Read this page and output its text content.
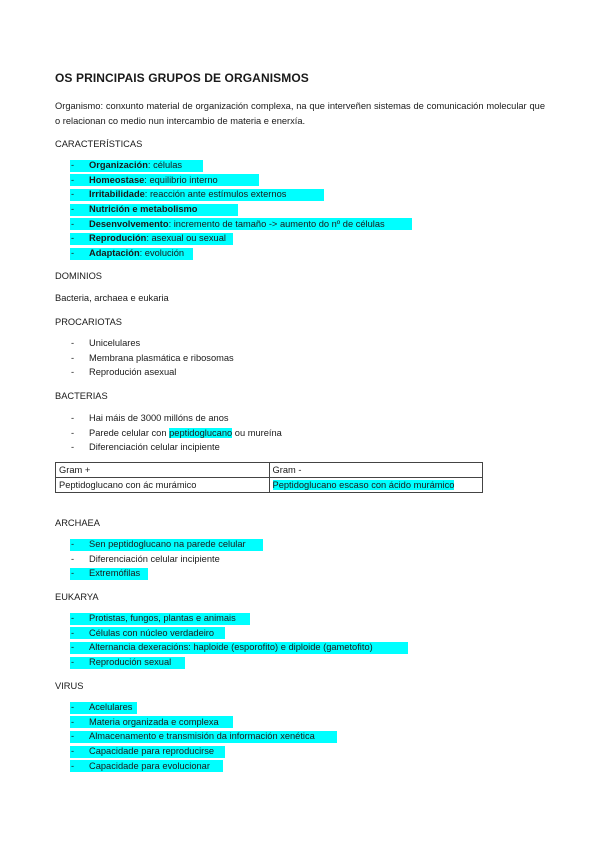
OS PRINCIPAIS GRUPOS DE ORGANISMOS

Organismo: conxunto material de organización complexa, na que interveñen sistemas de comunicación molecular que o relacionan co medio nun intercambio de materia e enerxía.

CARACTERÍSTICAS

- Organización: células
- Homeostase: equilibrio interno
- Irritabilidade: reacción ante estímulos externos
- Nutrición e metabolismo
- Desenvolvemento: incremento de tamaño -> aumento do nº de células
- Reprodución: asexual ou sexual
- Adaptación: evolución

DOMINIOS

Bacteria, archaea e eukaria

PROCARIOTAS

- Unicelulares
- Membrana plasmática e ribosomas
- Reprodución asexual

BACTERIAS

- Hai máis de 3000 millóns de anos
- Parede celular con peptidoglucano ou mureína
- Diferenciación celular incipiente
Gram +	Gram -
Peptidoglucano con ác murámico	Peptidoglucano escaso con ácido murámico

ARCHAEA

- Sen peptidoglucano na parede celular
- Diferenciación celular incipiente
- Extremófilas

EUKARYA

- Protistas, fungos, plantas e animais
- Células con núcleo verdadeiro
- Alternancia dexeracións: haploide (esporofito) e diploide (gametofito)
- Reprodución sexual

VIRUS

- Acelulares
- Materia organizada e complexa
- Almacenamento e transmisión da información xenética
- Capacidade para reproducirse
- Capacidade para evolucionar
